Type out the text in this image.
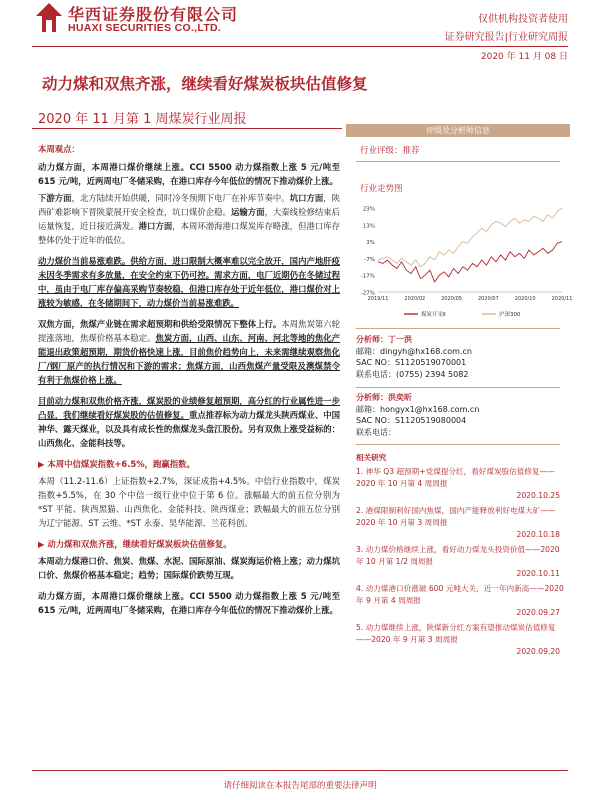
华西证券股份有限公司
HUAXI SECURITIES CO.,LTD.
仅供机构投资者使用
证券研究报告|行业研究周报
2020 年 11 月 08 日
动力煤和双焦齐涨，继续看好煤炭板块估值修复
2020 年 11 月第 1 周煤炭行业周报

本周观点：

动力煤方面，本周港口煤价继续上涨。CCI 5500 动力煤指数上涨 5 元/吨至 615 元/吨，近两周电厂冬储采购，在港口库存今年低位的情况下推动煤价上涨。

下游方面，北方陆续开始供暖，同时冷冬预期下电厂在补库节奏中。坑口方面，陕西矿难影响下晋陕蒙展开安全检查，坑口煤价企稳。运输方面，大秦线检修结束后运量恢复，近日接近满发。港口方面，本周环渤海港口煤炭库存略涨，但港口库存整体仍处于近年的低位。

动力煤价当前易涨难跌。供给方面，进口限制大概率难以完全放开，国内产地肝疫未因冬季需求有多放量，在安全约束下仍可控。需求方面，电厂近期仍在冬储过程中，虽由于电厂库存偏高采购节奏较稳，但港口库存处于近年低位，港口煤价对上涨较为敏感，在冬储期间下，动力煤价当前易涨难跌。

双焦方面，焦煤产业链在需求超预期和供给受限情况下整体上行。本周焦炭第六轮提涨落地，焦煤价格基本稳定。焦炭方面，山西、山东、河南、河北等地的焦化产能退出政策超预期，期货价格快速上涨，目前焦价趋势向上，未来需继续观察焦化厂/钢厂原产的执行情况和下游的需求；焦煤方面，山西焦煤产量受限及澳煤禁令有利于焦煤价格上涨。

目前动力煤和双焦价格齐涨，煤炭股的业绩修复超预期，高分红的行业属性进一步凸显，我们继续看好煤炭股的估值修复。重点推荐标为动力煤龙头陕西煤业、中国神华、露天煤业，以及具有成长性的焦煤龙头盘江股份。另有双焦上涨受益标的：山西焦化、金能科技等。

▶ 本周中信煤炭指数+6.5%，跑赢指数。

本周（11.2-11.6）上证指数+2.7%，深证成指+4.5%。中信行业指数中，煤炭指数+5.5%，在 30 个中信一级行业中位于第 6 位。涨幅最大的前五位分别为*ST 平能、陕西黑猫、山西焦化、金能科技、陕西煤业；跌幅最大的前五位分别为辽宁能源、ST 云维、*ST 永泰、昊华能源、兰花科创。

▶ 动力煤和双焦齐涨，继续看好煤炭板块估值修复。

本周动力煤港口价、焦炭、焦煤、水泥、国际原油、煤炭海运价格上涨；动力煤坑口价、焦煤价格基本稳定；趋势；国际煤价跌势互现。

动力煤方面，本周港口煤价继续上涨。CCI 5500 动力煤指数上涨 5 元/吨至 615 元/吨，近两周电厂冬储采购，在港口库存今年低位的情况下推动煤价上涨。

评级及分析师信息
行业评级：推荐
行业走势图
23%
13%
3%
-7%
-17%
-27%
2019/11	2020/02	2020/05	2020/07	2020/10	2020/11
煤炭开采Ⅱ	沪深300
分析师：丁一洪
邮箱：dingyh@hx168.com.cn
SAC NO：S1120519070001
联系电话：(0755) 2394 5082
分析师：洪奕昕
邮箱：hongyx1@hx168.com.cn
SAC NO：S1120519080004
联系电话：
相关研究
1. 神华 Q3 超预期+党煤提分红，看好煤炭股估值修复——2020 年 10 月第 4 周周报
2020.10.25
2. 港煤限制利好国内焦煤，国内产能释放利好电煤大矿——2020 年 10 月第 3 周周报
2020.10.18
3. 动力煤价格继续上涨，看好动力煤龙头投资价值——2020 年 10 月第 1/2 周周报
2020.10.11
4. 动力煤港口价涨破 600 元吨大关，近一年内新高——2020 年 9 月第 4 周周报
2020.09.27
5. 动力煤继续上涨，陕煤新分红方案有望推动煤炭估值修复——2020 年 9 月第 3 周周报
2020.09.20
请仔细阅读在本报告尾部的重要法律声明
